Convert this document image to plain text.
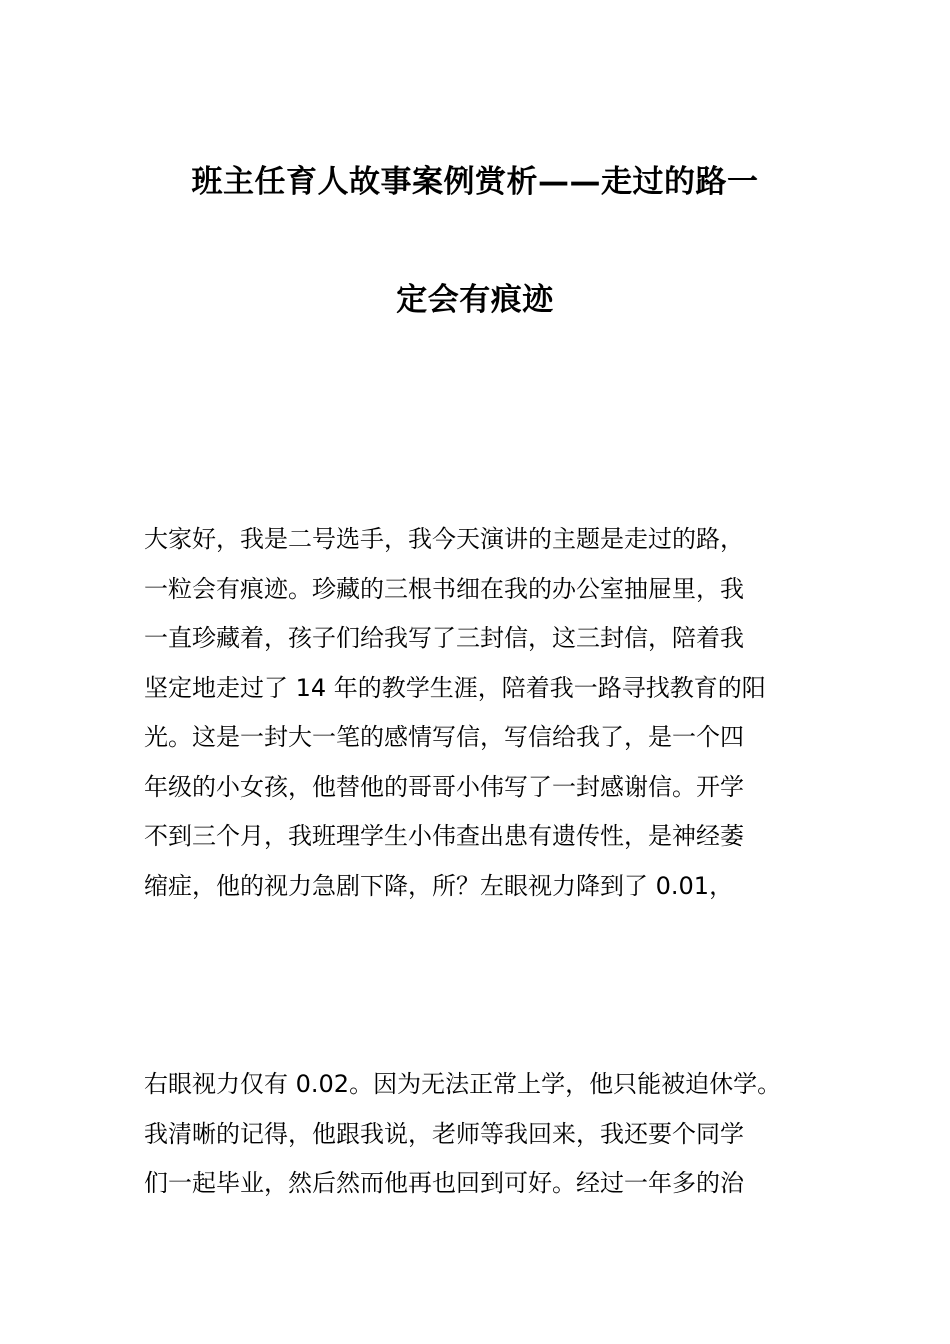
班主任育人故事案例赏析——走过的路一
定会有痕迹
大家好，我是二号选手，我今天演讲的主题是走过的路，
一粒会有痕迹。珍藏的三根书细在我的办公室抽屉里，我
一直珍藏着，孩子们给我写了三封信，这三封信，陪着我
坚定地走过了 14 年的教学生涯，陪着我一路寻找教育的阳
光。这是一封大一笔的感情写信，写信给我了，是一个四
年级的小女孩，他替他的哥哥小伟写了一封感谢信。开学
不到三个月，我班理学生小伟查出患有遗传性，是神经萎
缩症，他的视力急剧下降，所？左眼视力降到了 0.01，
右眼视力仅有 0.02。因为无法正常上学，他只能被迫休学。
我清晰的记得，他跟我说，老师等我回来，我还要个同学
们一起毕业，然后然而他再也回到可好。经过一年多的治
